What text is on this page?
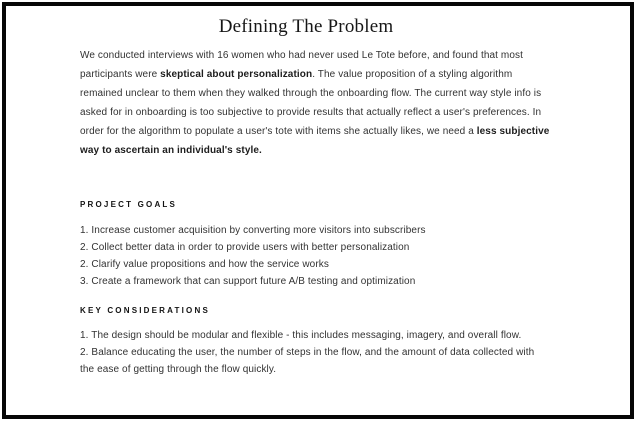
Defining The Problem
We conducted interviews with 16 women who had never used Le Tote before, and found that most
participants were skeptical about personalization. The value proposition of a styling algorithm
remained unclear to them when they walked through the onboarding flow. The current way style info is
asked for in onboarding is too subjective to provide results that actually reflect a user's preferences. In
order for the algorithm to populate a user's tote with items she actually likes, we need a less subjective
way to ascertain an individual's style.
PROJECT GOALS
1. Increase customer acquisition by converting more visitors into subscribers
2. Collect better data in order to provide users with better personalization
2. Clarify value propositions and how the service works
3. Create a framework that can support future A/B testing and optimization
KEY CONSIDERATIONS
1. The design should be modular and flexible - this includes messaging, imagery, and overall flow.
2. Balance educating the user, the number of steps in the flow, and the amount of data collected with
the ease of getting through the flow quickly.
